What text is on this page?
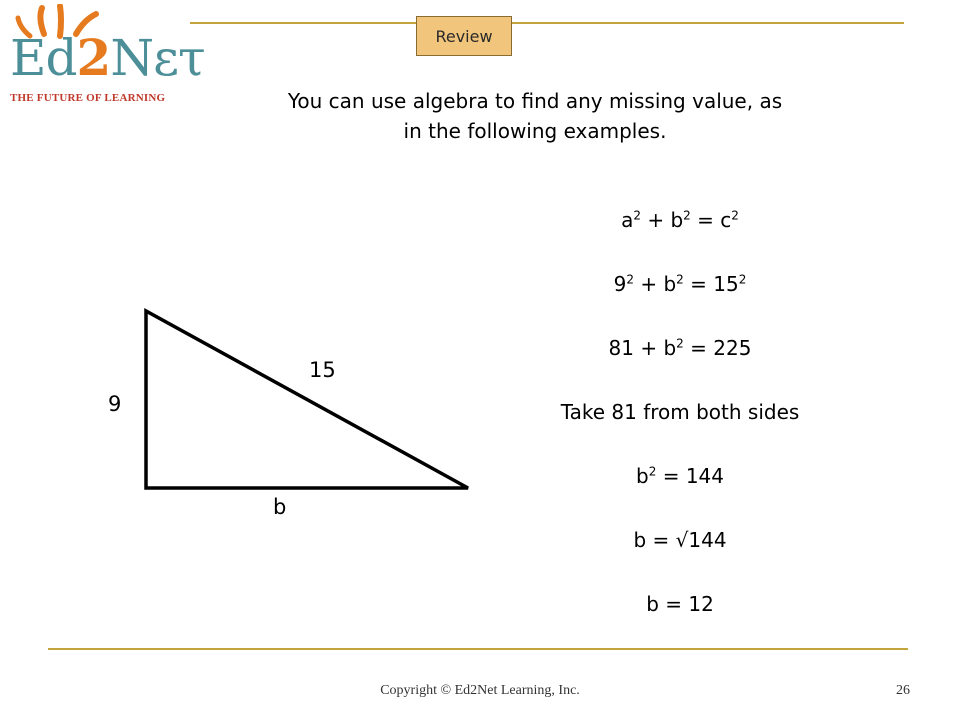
Ed2Nετ
THE FUTURE OF LEARNING
Review
You can use algebra to find any missing value, as
in the following examples.
9
15
b
$a^2 + b^2 = c^2$
$9^2 + b^2 = 15^2$
$81 + b^2 = 225$
Take 81 from both sides
$b^2 = 144$
b = √144
b = 12
Copyright © Ed2Net Learning, Inc.	26
